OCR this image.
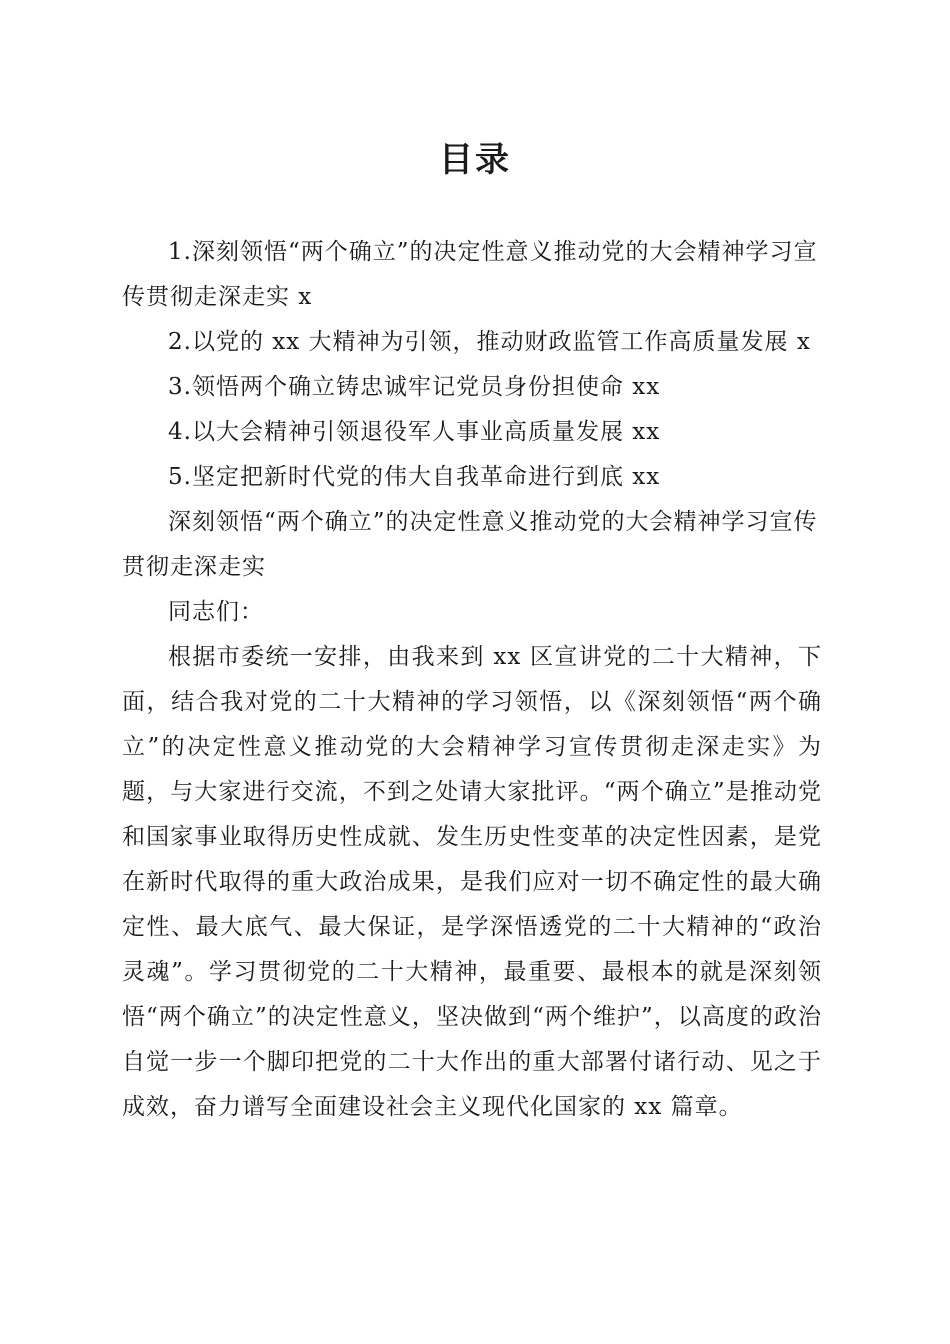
目录

1.深刻领悟“两个确立”的决定性意义推动党的大会精神学习宣传贯彻走深走实 x

2.以党的 xx 大精神为引领，推动财政监管工作高质量发展 x

3.领悟两个确立铸忠诚牢记党员身份担使命 xx

4.以大会精神引领退役军人事业高质量发展 xx

5.坚定把新时代党的伟大自我革命进行到底 xx

深刻领悟“两个确立”的决定性意义推动党的大会精神学习宣传贯彻走深走实

同志们：

根据市委统一安排，由我来到 xx 区宣讲党的二十大精神，下面，结合我对党的二十大精神的学习领悟，以《深刻领悟“两个确立”的决定性意义推动党的大会精神学习宣传贯彻走深走实》为题，与大家进行交流，不到之处请大家批评。“两个确立”是推动党和国家事业取得历史性成就、发生历史性变革的决定性因素，是党在新时代取得的重大政治成果，是我们应对一切不确定性的最大确定性、最大底气、最大保证，是学深悟透党的二十大精神的“政治灵魂”。学习贯彻党的二十大精神，最重要、最根本的就是深刻领悟“两个确立”的决定性意义，坚决做到“两个维护”，以高度的政治自觉一步一个脚印把党的二十大作出的重大部署付诸行动、见之于成效，奋力谱写全面建设社会主义现代化国家的 xx 篇章。
